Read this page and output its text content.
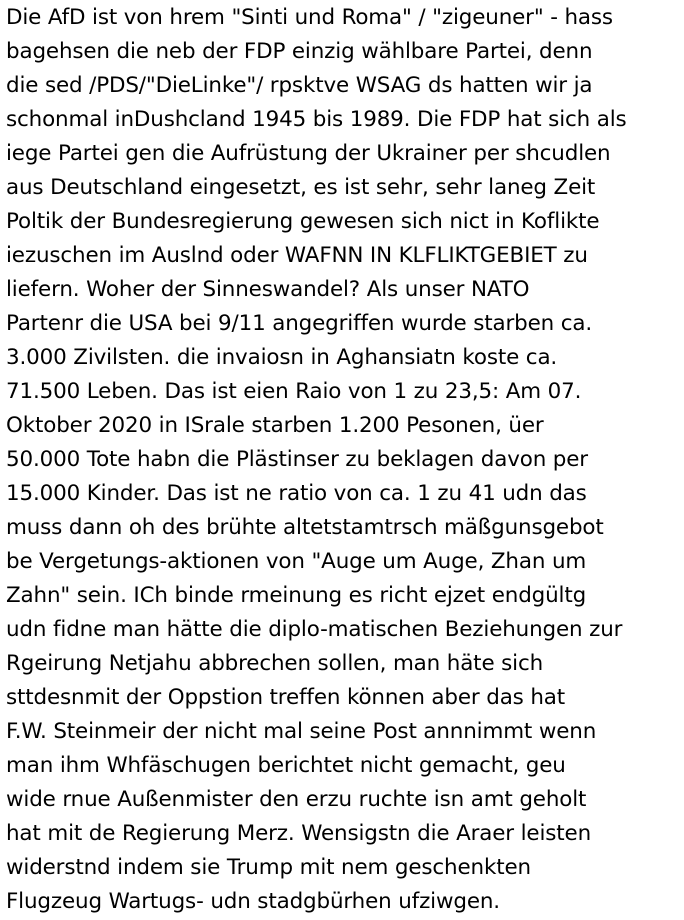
Die AfD ist von hrem "Sinti und Roma" / "zigeuner" - hass
bagehsen die neb der FDP einzig wählbare Partei, denn
die sed /PDS/"DieLinke"/ rpsktve WSAG ds hatten wir ja
schonmal inDushcland 1945 bis 1989. Die FDP hat sich als
iege Partei gen die Aufrüstung der Ukrainer per shcudlen
aus Deutschland eingesetzt, es ist sehr, sehr laneg Zeit
Poltik der Bundesregierung gewesen sich nict in Koflikte
iezuschen im Auslnd oder WAFNN IN KLFLIKTGEBIET zu
liefern. Woher der Sinneswandel? Als unser NATO
Partenr die USA bei 9/11 angegriffen wurde starben ca.
3.000 Zivilsten. die invaiosn in Aghansiatn koste ca.
71.500 Leben. Das ist eien Raio von 1 zu 23,5: Am 07.
Oktober 2020 in ISrale starben 1.200 Pesonen, üer
50.000 Tote habn die Plästinser zu beklagen davon per
15.000 Kinder. Das ist ne ratio von ca. 1 zu 41 udn das
muss dann oh des brühte altetstamtrsch mäßgunsgebot
be Vergetungs-aktionen von "Auge um Auge, Zhan um
Zahn" sein. ICh binde rmeinung es richt ejzet endgültg
udn fidne man hätte die diplo-matischen Beziehungen zur
Rgeirung Netjahu abbrechen sollen, man häte sich
sttdesnmit der Oppstion treffen können aber das hat
F.W. Steinmeir der nicht mal seine Post annnimmt wenn
man ihm Whfäschugen berichtet nicht gemacht, geu
wide rnue Außenmister den erzu ruchte isn amt geholt
hat mit de Regierung Merz. Wensigstn die Araer leisten
widerstnd indem sie Trump mit nem geschenkten
Flugzeug Wartugs- udn stadgbürhen ufziwgen.
